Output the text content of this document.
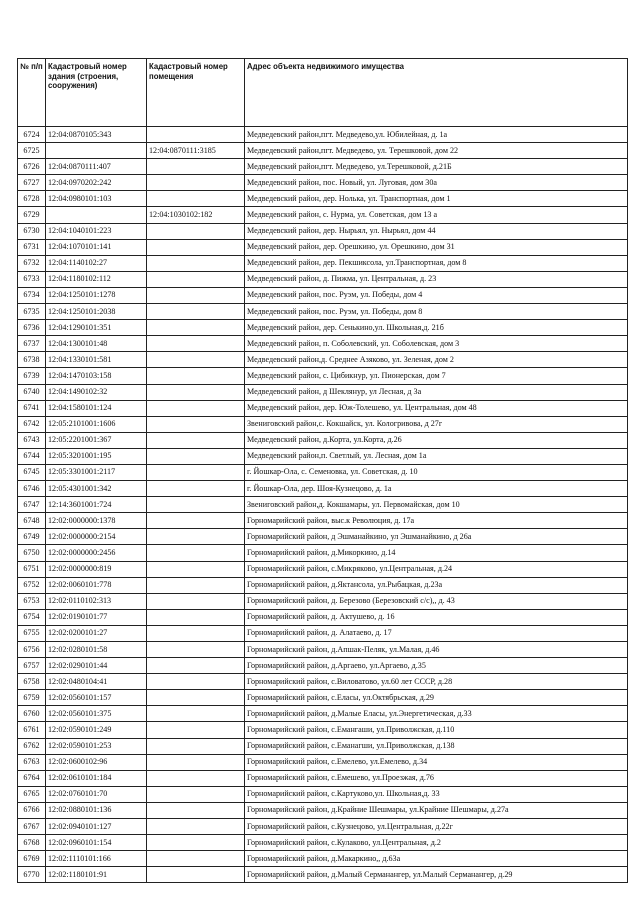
№ п/п	Кадастровый номер здания (строения, сооружения)	Кадастровый номер помещения	Адрес объекта недвижимого имущества
6724	12:04:0870105:343		Медведевский район,пгт. Медведево,ул. Юбилейная, д. 1а
6725		12:04:0870111:3185	Медведевский район,пгт. Медведево, ул. Терешковой, дом 22
6726	12:04:0870111:407		Медведевский район,пгт. Медведево, ул.Терешковой, д.21Б
6727	12:04:0970202:242		Медведевский район, пос. Новый, ул. Луговая, дом 30а
6728	12:04:0980101:103		Медведевский район, дер. Нолька, ул. Транспортная, дом 1
6729		12:04:1030102:182	Медведевский район, с. Нурма, ул. Советская, дом 13 а
6730	12:04:1040101:223		Медведевский район, дер. Нырьял, ул. Нырьял, дом 44
6731	12:04:1070101:141		Медведевский район, дер. Орешкино, ул. Орешкино, дом 31
6732	12:04:1140102:27		Медведевский район, дер. Пекшиксола, ул.Транспортная, дом 8
6733	12:04:1180102:112		Медведевский район, д. Пижма, ул. Центральная, д. 23
6734	12:04:1250101:1278		Медведевский район, пос. Руэм, ул. Победы, дом 4
6735	12:04:1250101:2038		Медведевский район, пос. Руэм, ул. Победы, дом 8
6736	12:04:1290101:351		Медведевский район, дер. Сенькино,ул. Школьная,д. 21б
6737	12:04:1300101:48		Медведевский район, п. Соболевский, ул. Соболевская, дом 3
6738	12:04:1330101:581		Медведевский район,д. Среднее Азяково, ул. Зеленая, дом 2
6739	12:04:1470103:158		Медведевский район, с. Цибикнур, ул. Пионерская, дом 7
6740	12:04:1490102:32		Медведевский район, д Шеклянур, ул Лесная, д 3а
6741	12:04:1580101:124		Медведевский район, дер. Юж-Толешево, ул. Центральная, дом 48
6742	12:05:2101001:1606		Звениговский район,с. Кокшайск, ул. Кологривова, д 27г
6743	12:05:2201001:367		Медведевский район, д.Корта, ул.Корта, д.26
6744	12:05:3201001:195		Медведевский район,п. Светлый, ул. Лесная, дом 1а
6745	12:05:3301001:2117		г. Йошкар-Ола, с. Семеновка, ул. Советская, д. 10
6746	12:05:4301001:342		г. Йошкар-Ола, дер. Шоя-Кузнецово, д. 1а
6747	12:14:3601001:724		Звениговский район,д. Кокшамары, ул. Первомайская, дом 10
6748	12:02:0000000:1378		Горномарийский район, выс.к Революция, д. 17а
6749	12:02:0000000:2154		Горномарийский район, д Эшманайкино, ул Эшманайкино, д 26а
6750	12:02:0000000:2456		Горномарийский район, д.Микоркино, д.14
6751	12:02:0000000:819		Горномарийский район, с.Микряково, ул.Центральная, д.24
6752	12:02:0060101:778		Горномарийский район, д.Яктансола, ул.Рыбацкая, д.23а
6753	12:02:0110102:313		Горномарийский район, д. Березово (Березовский с/с),, д. 43
6754	12:02:0190101:77		Горномарийский район, д. Актушево, д. 16
6755	12:02:0200101:27		Горномарийский район, д. Алатаево, д. 17
6756	12:02:0280101:58		Горномарийский район, д.Апшак-Пеляк, ул.Малая, д.46
6757	12:02:0290101:44		Горномарийский район, д.Аргаево, ул.Аргаево, д.35
6758	12:02:0480104:41		Горномарийский район, с.Виловатово, ул.60 лет СССР, д.28
6759	12:02:0560101:157		Горномарийский район, с.Еласы, ул.Октябрьская, д.29
6760	12:02:0560101:375		Горномарийский район, д.Малые Еласы, ул.Энергетическая, д.33
6761	12:02:0590101:249		Горномарийский район, с.Емангаши, ул.Приволжская, д.110
6762	12:02:0590101:253		Горномарийский район, с.Еманагши, ул.Приволжская, д.138
6763	12:02:0600102:96		Горномарийский район, с.Емелево, ул.Емелево, д.34
6764	12:02:0610101:184		Горномарийский район, с.Емешево, ул.Проезжая, д.76
6765	12:02:0760101:70		Горномарийский район, с.Картуково,ул. Школьная,д. 33
6766	12:02:0880101:136		Горномарийский район, д.Крайние Шешмары, ул.Крайние Шешмары, д.27а
6767	12:02:0940101:127		Горномарийский район, с.Кузнецово, ул.Центральная, д.22г
6768	12:02:0960101:154		Горномарийский район, с.Кулаково, ул.Центральная, д.2
6769	12:02:1110101:166		Горномарийский район, д.Макаркино,, д.63а
6770	12:02:1180101:91		Горномарийский район, д.Малый Серманангер, ул.Малый Серманангер, д.29
